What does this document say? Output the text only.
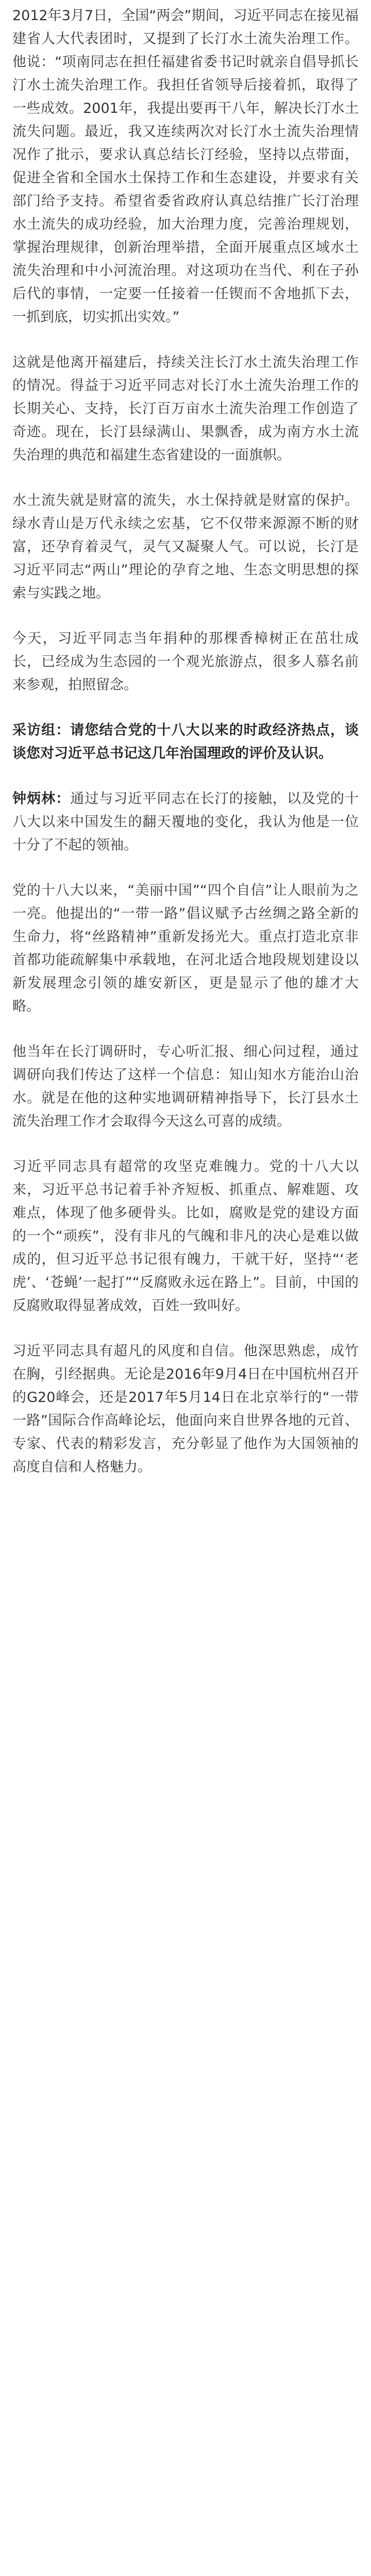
2012年3月7日，全国“两会”期间，习近平同志在接见福建省人大代表团时，又提到了长汀水土流失治理工作。他说：“项南同志在担任福建省委书记时就亲自倡导抓长汀水土流失治理工作。我担任省领导后接着抓，取得了一些成效。2001年，我提出要再干八年，解决长汀水土流失问题。最近，我又连续两次对长汀水土流失治理情况作了批示，要求认真总结长汀经验，坚持以点带面，促进全省和全国水土保持工作和生态建设，并要求有关部门给予支持。希望省委省政府认真总结推广长汀治理水土流失的成功经验，加大治理力度，完善治理规划，掌握治理规律，创新治理举措，全面开展重点区域水土流失治理和中小河流治理。对这项功在当代、利在子孙后代的事情，一定要一任接着一任锲而不舍地抓下去，一抓到底，切实抓出实效。”

这就是他离开福建后，持续关注长汀水土流失治理工作的情况。得益于习近平同志对长汀水土流失治理工作的长期关心、支持，长汀百万亩水土流失治理工作创造了奇迹。现在，长汀县绿满山、果飘香，成为南方水土流失治理的典范和福建生态省建设的一面旗帜。

水土流失就是财富的流失，水土保持就是财富的保护。绿水青山是万代永续之宏基，它不仅带来源源不断的财富，还孕育着灵气，灵气又凝聚人气。可以说，长汀是习近平同志“两山”理论的孕育之地、生态文明思想的探索与实践之地。

今天，习近平同志当年捐种的那棵香樟树正在茁壮成长，已经成为生态园的一个观光旅游点，很多人慕名前来参观，拍照留念。

采访组：请您结合党的十八大以来的时政经济热点，谈谈您对习近平总书记这几年治国理政的评价及认识。

钟炳林：通过与习近平同志在长汀的接触，以及党的十八大以来中国发生的翻天覆地的变化，我认为他是一位十分了不起的领袖。

党的十八大以来，“美丽中国”“四个自信”让人眼前为之一亮。他提出的“一带一路”倡议赋予古丝绸之路全新的生命力，将“丝路精神”重新发扬光大。重点打造北京非首都功能疏解集中承载地，在河北适合地段规划建设以新发展理念引领的雄安新区，更是显示了他的雄才大略。

他当年在长汀调研时，专心听汇报、细心问过程，通过调研向我们传达了这样一个信息：知山知水方能治山治水。就是在他的这种实地调研精神指导下，长汀县水土流失治理工作才会取得今天这么可喜的成绩。

习近平同志具有超常的攻坚克难魄力。党的十八大以来，习近平总书记着手补齐短板、抓重点、解难题、攻难点，体现了他多硬骨头。比如，腐败是党的建设方面的一个“顽疾”，没有非凡的气魄和非凡的决心是难以做成的，但习近平总书记很有魄力，干就干好，坚持“‘老虎’、‘苍蝇’一起打”“反腐败永远在路上”。目前，中国的反腐败取得显著成效，百姓一致叫好。

习近平同志具有超凡的风度和自信。他深思熟虑，成竹在胸，引经据典。无论是2016年9月4日在中国杭州召开的G20峰会，还是2017年5月14日在北京举行的“一带一路”国际合作高峰论坛，他面向来自世界各地的元首、专家、代表的精彩发言，充分彰显了他作为大国领袖的高度自信和人格魅力。
